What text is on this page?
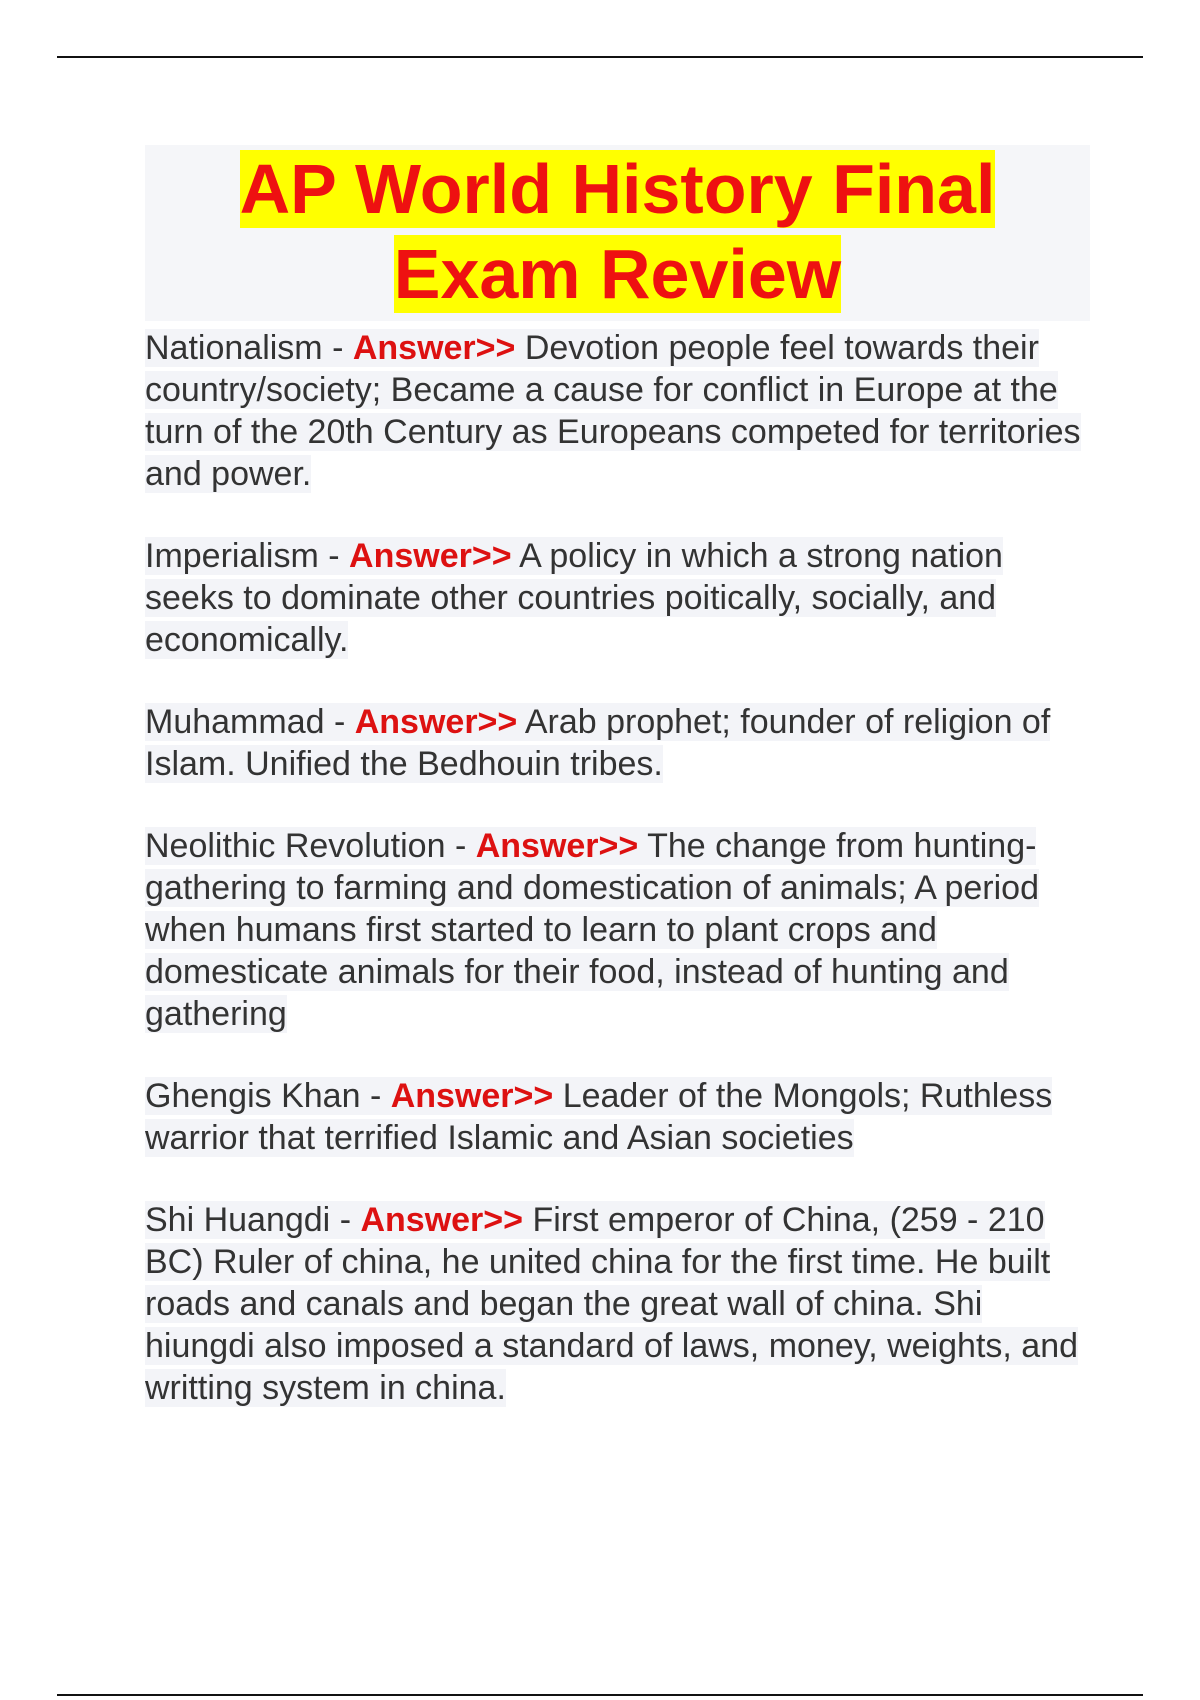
AP World History Final Exam Review
Nationalism - Answer>> Devotion people feel towards their country/society; Became a cause for conflict in Europe at the turn of the 20th Century as Europeans competed for territories and power.
Imperialism - Answer>> A policy in which a strong nation seeks to dominate other countries poitically, socially, and economically.
Muhammad - Answer>> Arab prophet; founder of religion of Islam. Unified the Bedhouin tribes.
Neolithic Revolution - Answer>> The change from hunting-gathering to farming and domestication of animals; A period when humans first started to learn to plant crops and domesticate animals for their food, instead of hunting and gathering
Ghengis Khan - Answer>> Leader of the Mongols; Ruthless warrior that terrified Islamic and Asian societies
Shi Huangdi - Answer>> First emperor of China, (259 - 210 BC) Ruler of china, he united china for the first time. He built roads and canals and began the great wall of china. Shi hiungdi also imposed a standard of laws, money, weights, and writting system in china.
